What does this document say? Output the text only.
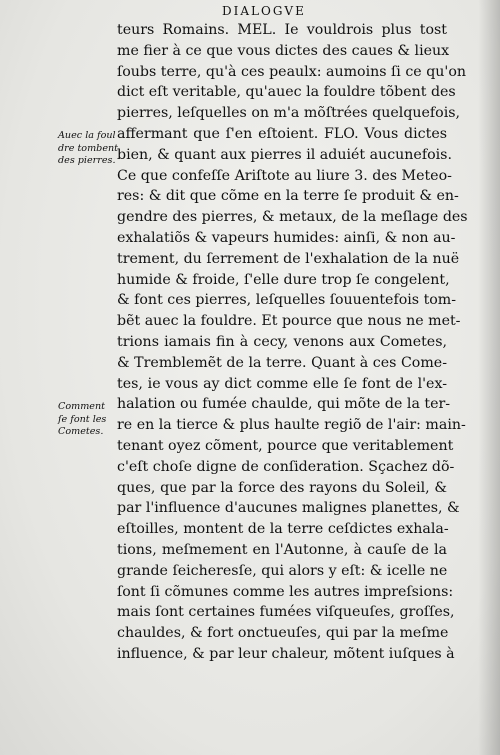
DIALOGVE
teurs Romains. MEL. Ie vouldrois plus tost
me fier à ce que vous dictes des caues & lieux
ſoubs terre, qu'à ces peaulx: aumoins ſi ce qu'on
dict eſt veritable, qu'auec la fouldre tõbent des
pierres, leſquelles on m'a mõſtrées quelquefois,
affermant que ſ'en eſtoient. FLO. Vous dictes
bien, & quant aux pierres il aduiét aucunefois.
Ce que confeſſe Ariſtote au liure 3. des Meteo-
res: & dit que cõme en la terre ſe produit & en-
gendre des pierres, & metaux, de la meſlage des
exhalatiõs & vapeurs humides: ainſi, & non au-
trement, du ſerrement de l'exhalation de la nuë
humide & froide, ſ'elle dure trop ſe congelent,
& font ces pierres, leſquelles ſouuentefois tom-
bẽt auec la fouldre. Et pource que nous ne met-
trions iamais fin à cecy, venons aux Cometes,
& Tremblemẽt de la terre. Quant à ces Come-
tes, ie vous ay dict comme elle ſe font de l'ex-
halation ou fumée chaulde, qui mõte de la ter-
re en la tierce & plus haulte regiõ de l'air: main-
tenant oyez cõment, pource que veritablement
c'eſt choſe digne de conſideration. Sçachez dõ-
ques, que par la force des rayons du Soleil, &
par l'influence d'aucunes malignes planettes, &
eſtoilles, montent de la terre ceſdictes exhala-
tions, meſmement en l'Autonne, à cauſe de la
grande ſeicheresſe, qui alors y eſt: & icelle ne
ſont ſi cõmunes comme les autres impreſsions:
mais ſont certaines fumées viſqueuſes, groſſes,
chauldes, & fort onctueuſes, qui par la meſme
influence, & par leur chaleur, mõtent iuſques à
Auec la foul
dre tombent
des pierres.
Comment
ſe font les
Cometes.
